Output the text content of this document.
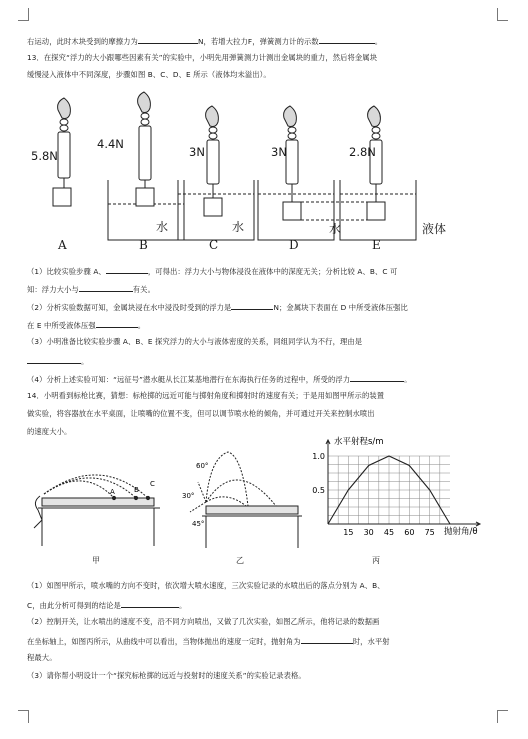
右运动，此时木块受到的摩擦力为	N，若增大拉力F，弹簧测力计的示数	。
13．在探究“浮力的大小跟哪些因素有关”的实验中，小明先用弹簧测力计测出金属块的重力，然后将金属块
缓慢浸入液体中不同深度，步骤如图 B、C、D、E 所示（液体均未溢出）。
5.8N
4.4N
3N	3N	2.8N
水	水	水	液体
A	B	C	D	E
（1）比较实验步骤 A、	，可得出：浮力大小与物体浸没在液体中的深度无关；分析比较 A、B、C 可
知：浮力大小与	有关。
（2）分析实验数据可知，金属块浸在水中浸没时受到的浮力是	N；金属块下表面在 D 中所受液体压强比
在 E 中所受液体压强	。
（3）小明准备比较实验步骤 A、B、E 探究浮力的大小与液体密度的关系，同组同学认为不行，理由是
。
（4）分析上述实验可知：“远征号”潜水艇从长江某基地潜行在东海执行任务的过程中，所受的浮力	。
14．小明看到标枪比赛，猜想：标枪掷的远近可能与掷射角度和掷射时的速度有关；于是用如图甲所示的装置
做实验，将容器放在水平桌面，让喷嘴的位置不变，但可以调节喷水枪的倾角，并可通过开关来控制水喷出
的速度大小。
A	B
C
60°
30°
45°
15 30 45 60 75
0.5
1.0
水平射程s/m
抛射角/θ
甲	乙	丙
（1）如图甲所示，喷水嘴的方向不变时，依次增大喷水速度，三次实验记录的水喷出后的落点分别为 A、B、
C，由此分析可得到的结论是	。
（2）控制开关，让水喷出的速度不变，沿不同方向喷出，又做了几次实验，如图乙所示，他将记录的数据画
在坐标轴上，如图丙所示，从曲线中可以看出，当物体抛出的速度一定时，抛射角为	时，水平射
程最大。
（3）请你帮小明设计一个“探究标枪掷的远近与投射时的速度关系”的实验记录表格。
